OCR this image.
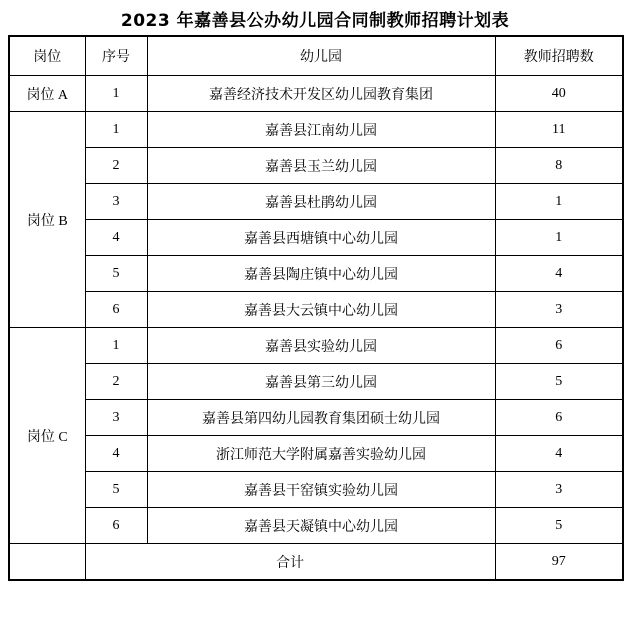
2023 年嘉善县公办幼儿园合同制教师招聘计划表
岗位	序号	幼儿园	教师招聘数
岗位 A	1	嘉善经济技术开发区幼儿园教育集团	40
岗位 B	1	嘉善县江南幼儿园	11
	2	嘉善县玉兰幼儿园	8
	3	嘉善县杜鹃幼儿园	1
	4	嘉善县西塘镇中心幼儿园	1
	5	嘉善县陶庄镇中心幼儿园	4
	6	嘉善县大云镇中心幼儿园	3
岗位 C	1	嘉善县实验幼儿园	6
	2	嘉善县第三幼儿园	5
	3	嘉善县第四幼儿园教育集团硕士幼儿园	6
	4	浙江师范大学附属嘉善实验幼儿园	4
	5	嘉善县干窑镇实验幼儿园	3
	6	嘉善县天凝镇中心幼儿园	5
	合计		97
